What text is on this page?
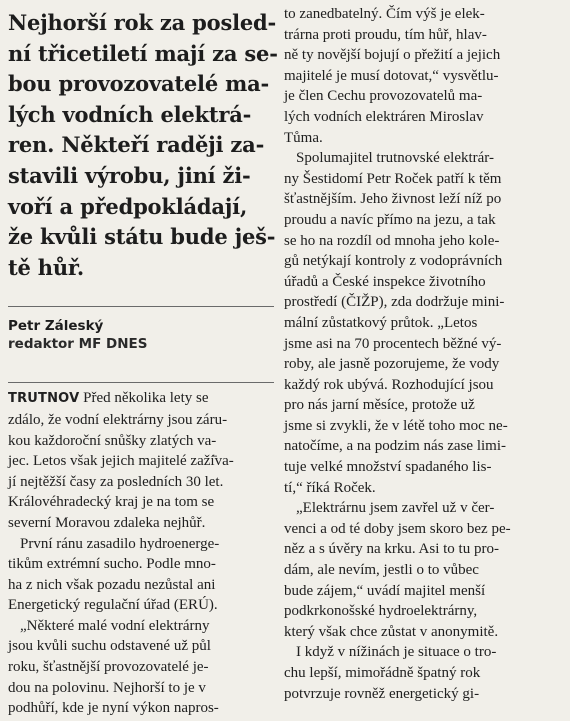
Nejhorší rok za posled-
ní třicetiletí mají za se-
bou provozovatelé ma-
lých vodních elektrá-
ren. Někteří raději za-
stavili výrobu, jiní ži-
voří a předpokládají,
že kvůli státu bude ješ-
tě hůř.
Petr Záleský
redaktor MF DNES
TRUTNOV Před několika lety se
zdálo, že vodní elektrárny jsou záru-
kou každoroční snůšky zlatých va-
jec. Letos však jejich majitelé zaží̄va-
jí nejtěžší časy za posledních 30 let.
Královéhradecký kraj je na tom se
severní Moravou zdaleka nejhůř.
První ránu zasadilo hydroenerge-
tikům extrémní sucho. Podle mno-
ha z nich však pozadu nezůstal ani
Energetický regulační úřad (ERÚ).
„Některé malé vodní elektrárny
jsou kvůli suchu odstavené už půl
roku, šťastnější provozovatelé je-
dou na polovinu. Nejhorší to je v
podhůří, kde je nyní výkon napros-
to zanedbatelný. Čím výš je elek-
trárna proti proudu, tím hůř, hlav-
ně ty novější bojují o přežití a jejich
majitelé je musí dotovat,“ vysvětlu-
je člen Cechu provozovatelů ma-
lých vodních elektráren Miroslav
Tůma.
Spolumajitel trutnovské elektrár-
ny Šestidomí Petr Roček patří k těm
šťastnějším. Jeho živnost leží níž po
proudu a navíc přímo na jezu, a tak
se ho na rozdíl od mnoha jeho kole-
gů netýkají kontroly z vodoprávních
úřadů a České inspekce životního
prostředí (ČIŽP), zda dodržuje mini-
mální zůstatkový průtok. „Letos
jsme asi na 70 procentech běžné vý-
roby, ale jasně pozorujeme, že vody
každý rok ubývá. Rozhodující jsou
pro nás jarní měsíce, protože už
jsme si zvykli, že v létě toho moc ne-
natočíme, a na podzim nás zase limi-
tuje velké množství spadaného lis-
tí,“ říká Roček.
„Elektrárnu jsem zavřel už v čer-
venci a od té doby jsem skoro bez pe-
něz a s úvěry na krku. Asi to tu pro-
dám, ale nevím, jestli o to vůbec
bude zájem,“ uvádí majitel menší
podkrkonošské hydroelektrárny,
který však chce zůstat v anonymitě.
I když v nížinách je situace o tro-
chu lepší, mimořádně špatný rok
potvrzuje rovněž energetický gi-
